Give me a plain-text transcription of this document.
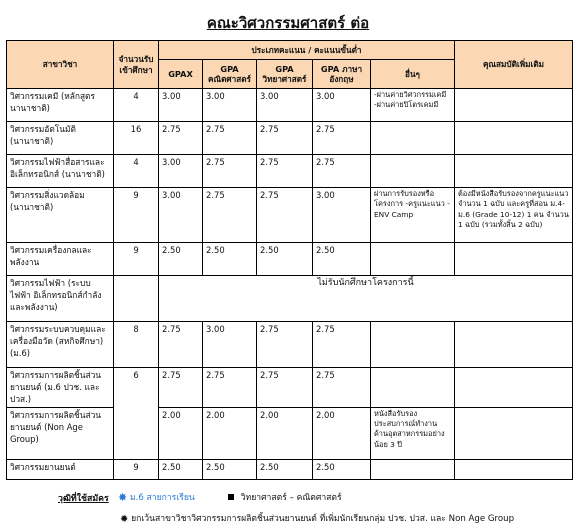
คณะวิศวกรรมศาสตร์ ต่อ
สาขาวิชา	จำนวนรับเข้าศึกษา	ประเภทคะแนน / คะแนนขั้นต่ำ					คุณสมบัติเพิ่มเติม
		GPAX	GPA คณิตศาสตร์	GPA วิทยาศาสตร์	GPA ภาษาอังกฤษ	อื่นๆ	
วิศวกรรมเคมี (หลักสูตรนานาชาติ)	4	3.00	3.00	3.00	3.00	-ผ่านค่ายวิศวกรรมเคมี -ผ่านค่ายปิโตรเคมมี	
วิศวกรรมอัตโนมัติ (นานาชาติ)	16	2.75	2.75	2.75	2.75		
วิศวกรรมไฟฟ้าสื่อสารและอิเล็กทรอนิกส์ (นานาชาติ)	4	3.00	2.75	2.75	2.75		
วิศวกรรมสิ่งแวดล้อม (นานาชาติ)	9	3.00	2.75	2.75	3.00	ผ่านการรับรองหรือโครงการ -ครูแนะแนว -ENV Camp	ต้องมีหนังสือรับรองจากครูแนะแนว จำนวน 1 ฉบับ และครูที่สอน ม.4-ม.6 (Grade 10-12) 1 คน จำนวน 1 ฉบับ (รวมทั้งสิ้น 2 ฉบับ)
วิศวกรรมเครื่องกลและพลังงาน	9	2.50	2.50	2.50	2.50		
วิศวกรรมไฟฟ้า (ระบบไฟฟ้า อิเล็กทรอนิกส์กำลังและพลังงาน)		ไม่รับนักศึกษาโครงการนี้					
วิศวกรรมระบบควบคุมและเครื่องมือวัด (สหกิจศึกษา) (ม.6)	8	2.75	3.00	2.75	2.75		
วิศวกรรมการผลิตชิ้นส่วนยานยนต์ (ม.6 ปวช. และปวส.)	6	2.75	2.75	2.75	2.75		
วิศวกรรมการผลิตชิ้นส่วนยานยนต์ (Non Age Group)		2.00	2.00	2.00	2.00	หนังสือรับรองประสบการณ์ทำงานด้านอุตสาหกรรมอย่างน้อย 3 ปี	
วิศวกรรมยานยนต์	9	2.50	2.50	2.50	2.50		
วุฒิที่ใช้สมัคร ✸ ม.6 สายการเรียน	วิทยาศาสตร์ – คณิตศาสตร์
✹ ยกเว้นสาขาวิชาวิศวกรรมการผลิตชิ้นส่วนยานยนต์ ที่เพิ่มนักเรียนกลุ่ม ปวช. ปวส. และ Non Age Group
